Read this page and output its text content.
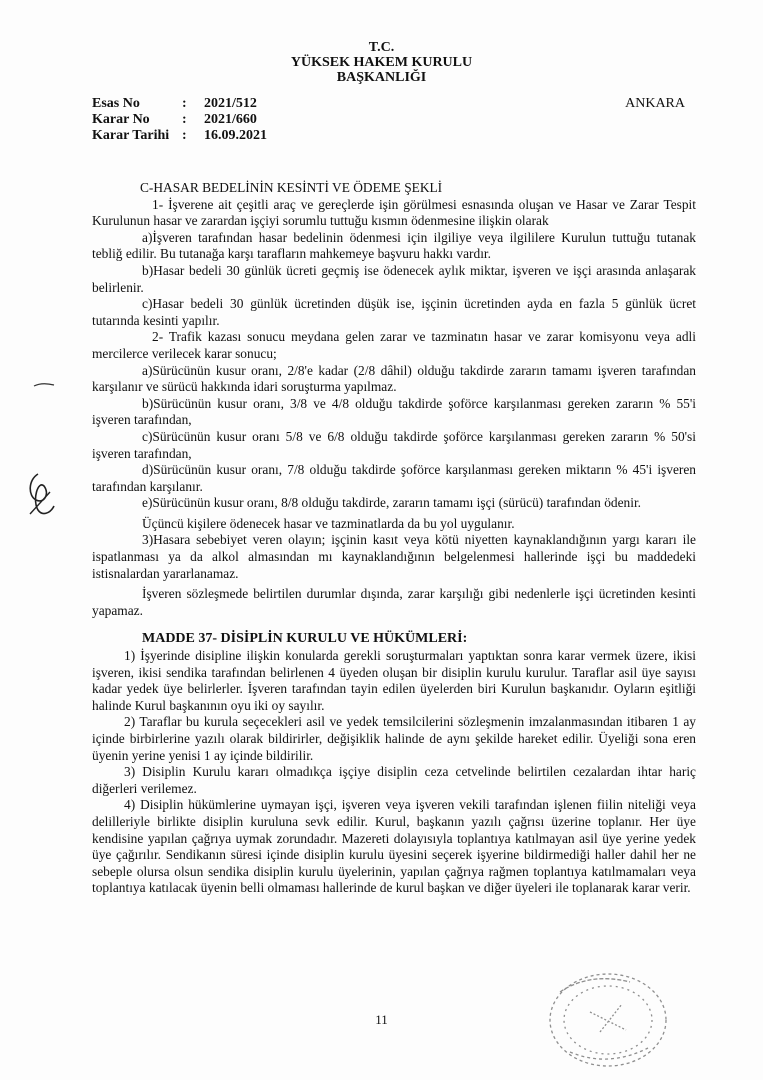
T.C.
YÜKSEK HAKEM KURULU
BAŞKANLIĞI
Esas No	:	2021/512
Karar No	:	2021/660
Karar Tarihi :	16.09.2021
ANKARA

C-HASAR BEDELİNİN KESİNTİ VE ÖDEME ŞEKLİ

1- İşverene ait çeşitli araç ve gereçlerde işin görülmesi esnasında oluşan ve Hasar ve Zarar Tespit Kurulunun hasar ve zarardan işçiyi sorumlu tuttuğu kısmın ödenmesine ilişkin olarak

a)İşveren tarafından hasar bedelinin ödenmesi için ilgiliye veya ilgililere Kurulun tuttuğu tutanak tebliğ edilir. Bu tutanağa karşı tarafların mahkemeye başvuru hakkı vardır.

b)Hasar bedeli 30 günlük ücreti geçmiş ise ödenecek aylık miktar, işveren ve işçi arasında anlaşarak belirlenir.

c)Hasar bedeli 30 günlük ücretinden düşük ise, işçinin ücretinden ayda en fazla 5 günlük ücret tutarında kesinti yapılır.

2- Trafik kazası sonucu meydana gelen zarar ve tazminatın hasar ve zarar komisyonu veya adli mercilerce verilecek karar sonucu;

a)Sürücünün kusur oranı, 2/8'e kadar (2/8 dâhil) olduğu takdirde zararın tamamı işveren tarafından karşılanır ve sürücü hakkında idari soruşturma yapılmaz.

b)Sürücünün kusur oranı, 3/8 ve 4/8 olduğu takdirde şoförce karşılanması gereken zararın % 55'i işveren tarafından,

c)Sürücünün kusur oranı 5/8 ve 6/8 olduğu takdirde şoförce karşılanması gereken zararın % 50'si işveren tarafından,

d)Sürücünün kusur oranı, 7/8 olduğu takdirde şoförce karşılanması gereken miktarın % 45'i işveren tarafından karşılanır.

e)Sürücünün kusur oranı, 8/8 olduğu takdirde, zararın tamamı işçi (sürücü) tarafından ödenir.

Üçüncü kişilere ödenecek hasar ve tazminatlarda da bu yol uygulanır.

3)Hasara sebebiyet veren olayın; işçinin kasıt veya kötü niyetten kaynaklandığının yargı kararı ile ispatlanması ya da alkol almasından mı kaynaklandığının belgelenmesi hallerinde işçi bu maddedeki istisnalardan yararlanamaz.

İşveren sözleşmede belirtilen durumlar dışında, zarar karşılığı gibi nedenlerle işçi ücretinden kesinti yapamaz.

MADDE 37- DİSİPLİN KURULU VE HÜKÜMLERİ:

1) İşyerinde disipline ilişkin konularda gerekli soruşturmaları yaptıktan sonra karar vermek üzere, ikisi işveren, ikisi sendika tarafından belirlenen 4 üyeden oluşan bir disiplin kurulu kurulur. Taraflar asil üye sayısı kadar yedek üye belirlerler. İşveren tarafından tayin edilen üyelerden biri Kurulun başkanıdır. Oyların eşitliği halinde Kurul başkanının oyu iki oy sayılır.

2) Taraflar bu kurula seçecekleri asil ve yedek temsilcilerini sözleşmenin imzalanmasından itibaren 1 ay içinde birbirlerine yazılı olarak bildirirler, değişiklik halinde de aynı şekilde hareket edilir. Üyeliği sona eren üyenin yerine yenisi 1 ay içinde bildirilir.

3) Disiplin Kurulu kararı olmadıkça işçiye disiplin ceza cetvelinde belirtilen cezalardan ihtar hariç diğerleri verilemez.

4) Disiplin hükümlerine uymayan işçi, işveren veya işveren vekili tarafından işlenen fiilin niteliği veya delilleriyle birlikte disiplin kuruluna sevk edilir. Kurul, başkanın yazılı çağrısı üzerine toplanır. Her üye kendisine yapılan çağrıya uymak zorundadır. Mazereti dolayısıyla toplantıya katılmayan asil üye yerine yedek üye çağırılır. Sendikanın süresi içinde disiplin kurulu üyesini seçerek işyerine bildirmediği haller dahil her ne sebeple olursa olsun sendika disiplin kurulu üyelerinin, yapılan çağrıya rağmen toplantıya katılmamaları veya toplantıya katılacak üyenin belli olmaması hallerinde de kurul başkan ve diğer üyeleri ile toplanarak karar verir.

11
